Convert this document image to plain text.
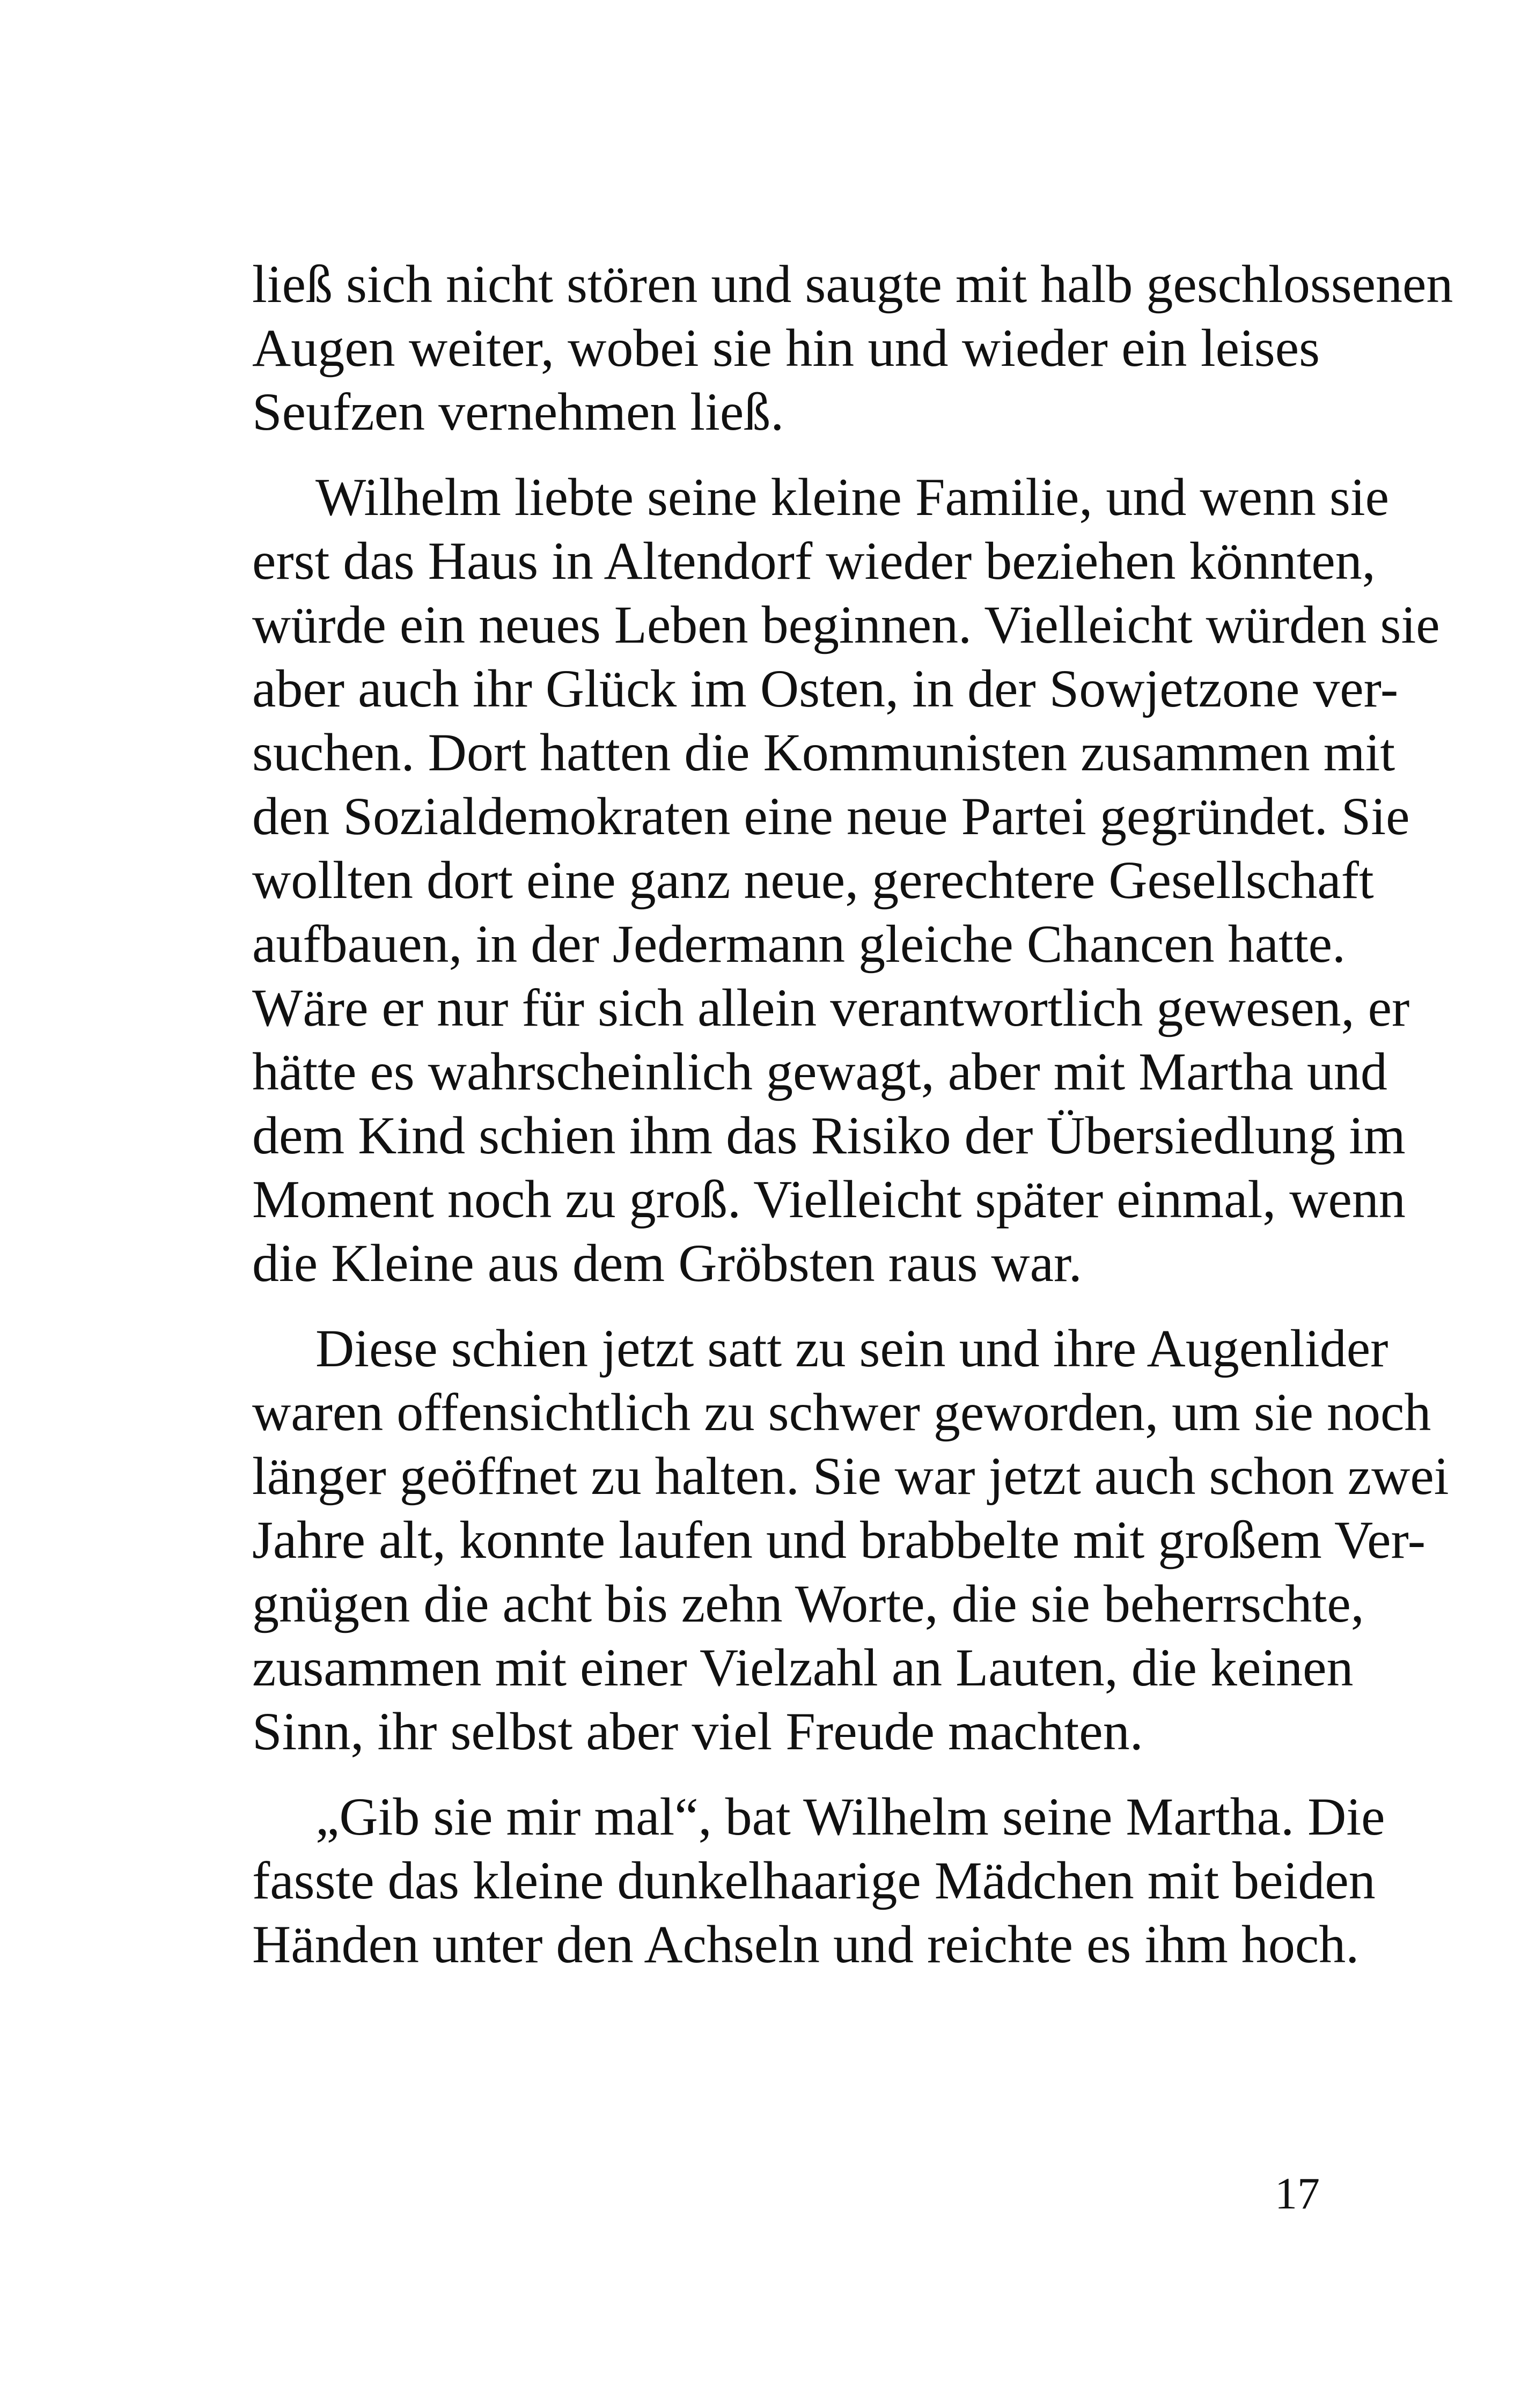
ließ sich nicht stören und saugte mit halb geschlossenen
Augen weiter, wobei sie hin und wieder ein leises
Seufzen vernehmen ließ.
Wilhelm liebte seine kleine Familie, und wenn sie
erst das Haus in Altendorf wieder beziehen könnten,
würde ein neues Leben beginnen. Vielleicht würden sie
aber auch ihr Glück im Osten, in der Sowjetzone ver-
suchen. Dort hatten die Kommunisten zusammen mit
den Sozialdemokraten eine neue Partei gegründet. Sie
wollten dort eine ganz neue, gerechtere Gesellschaft
aufbauen, in der Jedermann gleiche Chancen hatte.
Wäre er nur für sich allein verantwortlich gewesen, er
hätte es wahrscheinlich gewagt, aber mit Martha und
dem Kind schien ihm das Risiko der Übersiedlung im
Moment noch zu groß. Vielleicht später einmal, wenn
die Kleine aus dem Gröbsten raus war.
Diese schien jetzt satt zu sein und ihre Augenlider
waren offensichtlich zu schwer geworden, um sie noch
länger geöffnet zu halten. Sie war jetzt auch schon zwei
Jahre alt, konnte laufen und brabbelte mit großem Ver-
gnügen die acht bis zehn Worte, die sie beherrschte,
zusammen mit einer Vielzahl an Lauten, die keinen
Sinn, ihr selbst aber viel Freude machten.
„Gib sie mir mal“, bat Wilhelm seine Martha. Die
fasste das kleine dunkelhaarige Mädchen mit beiden
Händen unter den Achseln und reichte es ihm hoch.
17
